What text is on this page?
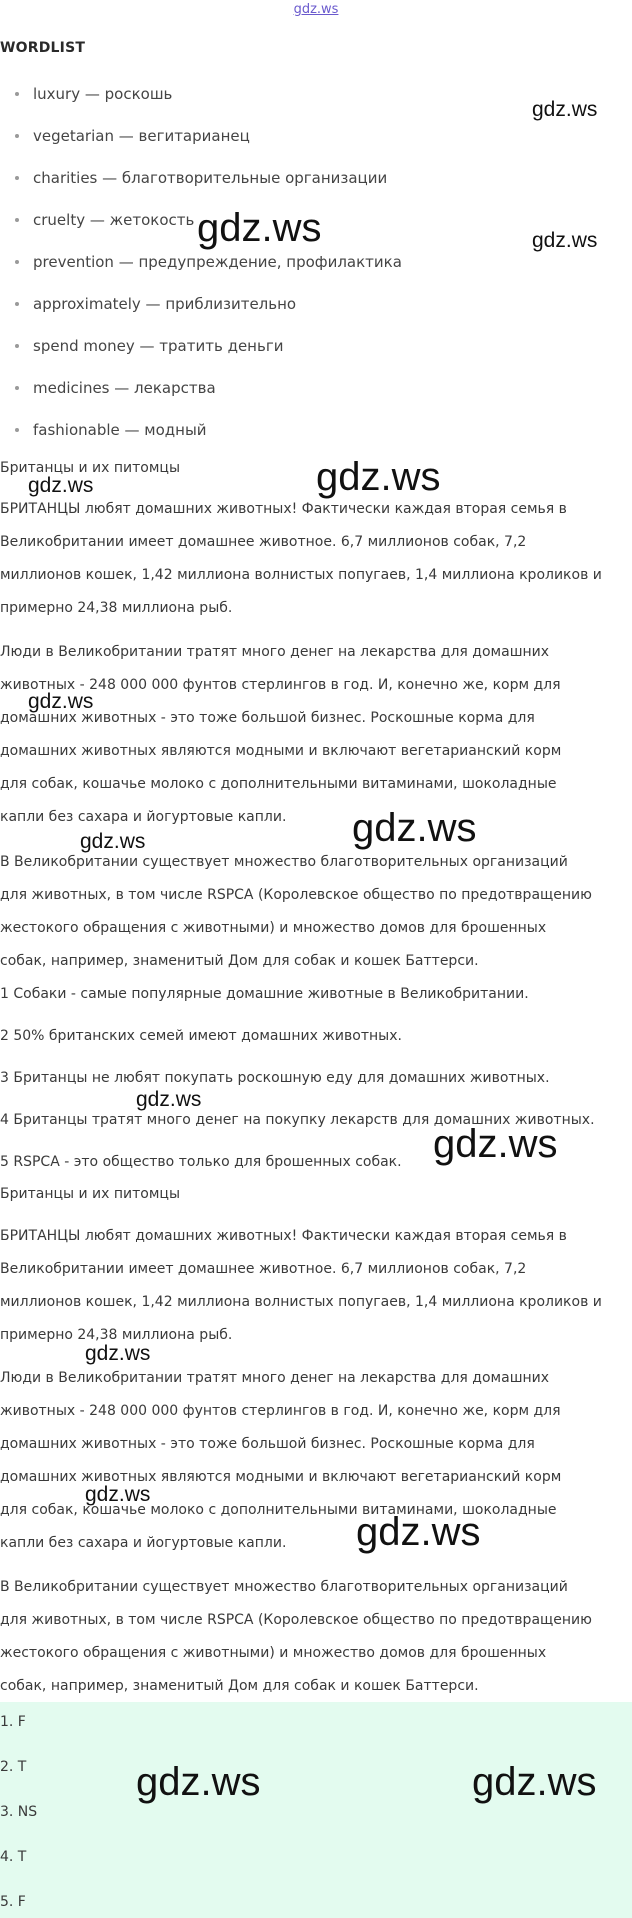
gdz.ws
WORDLIST
luxury — роскошь
vegetarian — вегитарианец
charities — благотворительные организации
cruelty — жетокость
prevention — предупреждение, профилактика
approximately — приблизительно
spend money — тратить деньги
medicines — лекарства
fashionable — модный
Британцы и их питомцы
БРИТАНЦЫ любят домашних животных! Фактически каждая вторая семья в
Великобритании имеет домашнее животное. 6,7 миллионов собак, 7,2
миллионов кошек, 1,42 миллиона волнистых попугаев, 1,4 миллиона кроликов и
примерно 24,38 миллиона рыб.
Люди в Великобритании тратят много денег на лекарства для домашних
животных - 248 000 000 фунтов стерлингов в год. И, конечно же, корм для
домашних животных - это тоже большой бизнес. Роскошные корма для
домашних животных являются модными и включают вегетарианский корм
для собак, кошачье молоко с дополнительными витаминами, шоколадные
капли без сахара и йогуртовые капли.
В Великобритании существует множество благотворительных организаций
для животных, в том числе RSPCA (Королевское общество по предотвращению
жестокого обращения с животными) и множество домов для брошенных
собак, например, знаменитый Дом для собак и кошек Баттерси.
1 Собаки - самые популярные домашние животные в Великобритании.
2 50% британских семей имеют домашних животных.
3 Британцы не любят покупать роскошную еду для домашних животных.
4 Британцы тратят много денег на покупку лекарств для домашних животных.
5 RSPCA - это общество только для брошенных собак.
Британцы и их питомцы
БРИТАНЦЫ любят домашних животных! Фактически каждая вторая семья в
Великобритании имеет домашнее животное. 6,7 миллионов собак, 7,2
миллионов кошек, 1,42 миллиона волнистых попугаев, 1,4 миллиона кроликов и
примерно 24,38 миллиона рыб.
Люди в Великобритании тратят много денег на лекарства для домашних
животных - 248 000 000 фунтов стерлингов в год. И, конечно же, корм для
домашних животных - это тоже большой бизнес. Роскошные корма для
домашних животных являются модными и включают вегетарианский корм
для собак, кошачье молоко с дополнительными витаминами, шоколадные
капли без сахара и йогуртовые капли.
В Великобритании существует множество благотворительных организаций
для животных, в том числе RSPCA (Королевское общество по предотвращению
жестокого обращения с животными) и множество домов для брошенных
собак, например, знаменитый Дом для собак и кошек Баттерси.
1. F
2. T
3. NS
4. T
5. F
gdz.ws
gdz.ws	gdz.ws
gdz.ws
gdz.ws
gdz.ws
gdz.ws	gdz.ws
gdz.ws
gdz.ws
gdz.ws
gdz.ws
gdz.ws
gdz.ws	gdz.ws
